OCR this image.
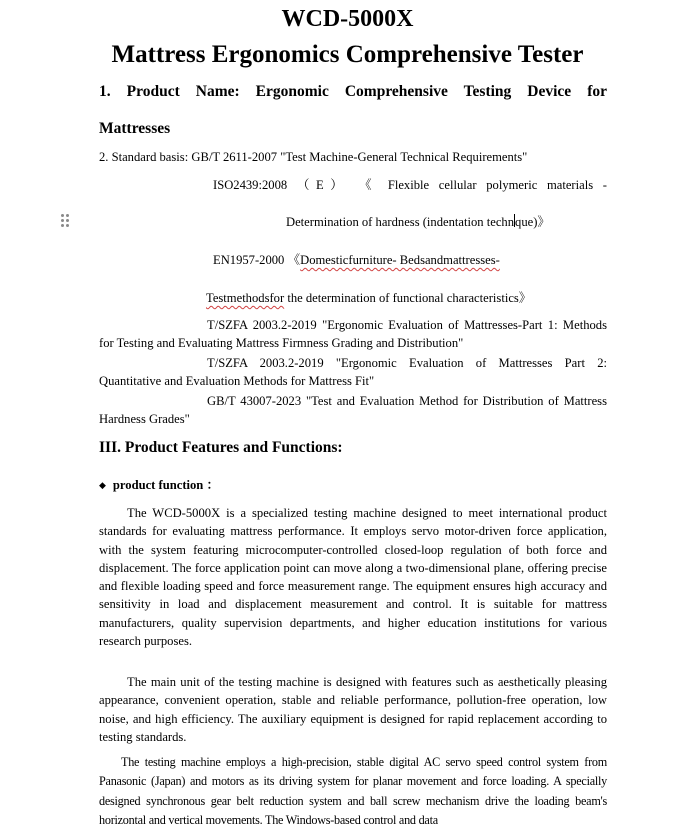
WCD-5000X
Mattress Ergonomics Comprehensive Tester
1. Product Name: Ergonomic Comprehensive Testing Device for
Mattresses
2. Standard basis: GB/T 2611-2007 "Test Machine-General Technical Requirements"
ISO2439:2008 （E） 《 Flexible cellular polymeric materials -
Determination of hardness (indentation technque)》
EN1957-2000 《Domesticfurniture- Bedsandmattresses-
Testmethodsfor the determination of functional characteristics》

T/SZFA 2003.2-2019 "Ergonomic Evaluation of Mattresses-Part 1: Methods for Testing and Evaluating Mattress Firmness Grading and Distribution"

T/SZFA 2003.2-2019 "Ergonomic Evaluation of Mattresses Part 2: Quantitative and Evaluation Methods for Mattress Fit"

GB/T 43007-2023 "Test and Evaluation Method for Distribution of Mattress Hardness Grades"

III. Product Features and Functions:
◆ product function ：

The WCD-5000X is a specialized testing machine designed to meet international product standards for evaluating mattress performance. It employs servo motor-driven force application, with the system featuring microcomputer-controlled closed-loop regulation of both force and displacement. The force application point can move along a two-dimensional plane, offering precise and flexible loading speed and force measurement range. The equipment ensures high accuracy and sensitivity in load and displacement measurement and control. It is suitable for mattress manufacturers, quality supervision departments, and higher education institutions for various research purposes.

The main unit of the testing machine is designed with features such as aesthetically pleasing appearance, convenient operation, stable and reliable performance, pollution-free operation, low noise, and high efficiency. The auxiliary equipment is designed for rapid replacement according to testing standards.

The testing machine employs a high-precision, stable digital AC servo speed control system from Panasonic (Japan) and motors as its driving system for planar movement and force loading. A specially designed synchronous gear belt reduction system and ball screw mechanism drive the loading beam's horizontal and vertical movements. The Windows-based control and data
